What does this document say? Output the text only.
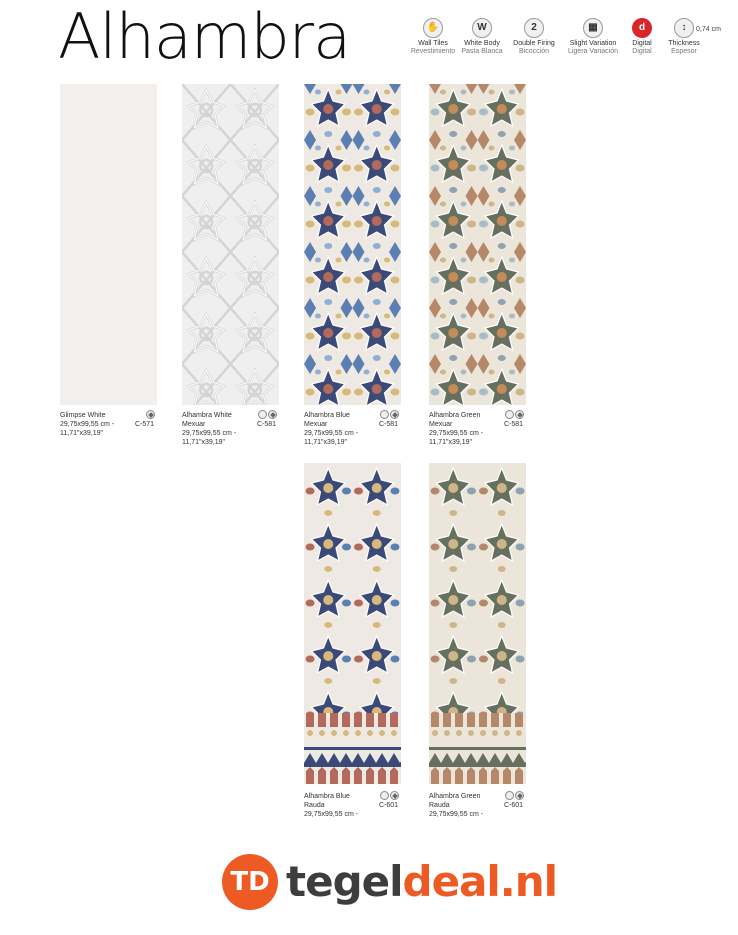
Alhambra	✋
Wall Tiles
Revestimiento
W
White Body
Pasta Blanca
2
Double Firing
Bicocción
▦
Slight Variation
Ligera Variación
d
Digital
Digital
↕
Thickness
Espesor
0,74 cm
Glimpse White
29,75x99,55 cm -
11,71"x39,19"
C-571
Alhambra White
Mexuar
29,75x99,55 cm -
11,71"x39,19"
C-581
Alhambra Blue
Mexuar
29,75x99,55 cm -
11,71"x39,19"
C-581
Alhambra Green
Mexuar
29,75x99,55 cm -
11,71"x39,19"
C-581
Alhambra Blue
Rauda
29,75x99,55 cm -
C-601
Alhambra Green
Rauda
29,75x99,55 cm -
C-601
TD tegeldeal.nl
